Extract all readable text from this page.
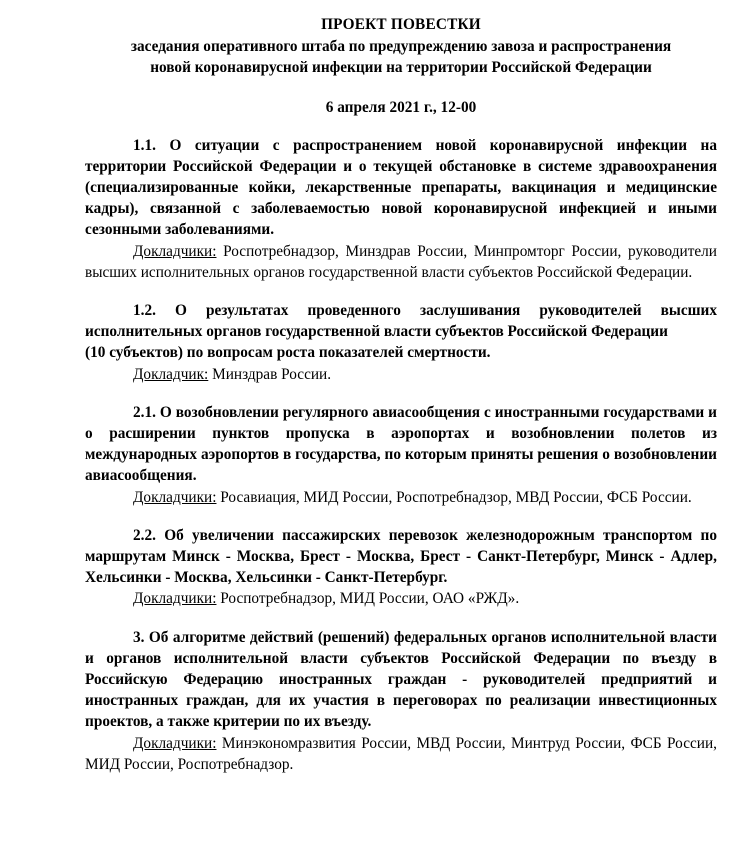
ПРОЕКТ ПОВЕСТКИ
заседания оперативного штаба по предупреждению завоза и распространения
новой коронавирусной инфекции на территории Российской Федерации
6 апреля 2021 г., 12-00

1.1. О ситуации с распространением новой коронавирусной инфекции на территории Российской Федерации и о текущей обстановке в системе здравоохранения (специализированные койки, лекарственные препараты, вакцинация и медицинские кадры), связанной с заболеваемостью новой коронавирусной инфекцией и иными сезонными заболеваниями.

Докладчики: Роспотребнадзор, Минздрав России, Минпромторг России, руководители высших исполнительных органов государственной власти субъектов Российской Федерации.

1.2. О результатах проведенного заслушивания руководителей высших исполнительных органов государственной власти субъектов Российской Федерации

(10 субъектов) по вопросам роста показателей смертности.

Докладчик: Минздрав России.

2.1. О возобновлении регулярного авиасообщения с иностранными государствами и о расширении пунктов пропуска в аэропортах и возобновлении полетов из международных аэропортов в государства, по которым приняты решения о возобновлении авиасообщения.

Докладчики: Росавиация, МИД России, Роспотребнадзор, МВД России, ФСБ России.

2.2. Об увеличении пассажирских перевозок железнодорожным транспортом по маршрутам Минск - Москва, Брест - Москва, Брест - Санкт-Петербург, Минск - Адлер, Хельсинки - Москва, Хельсинки - Санкт-Петербург.

Докладчики: Роспотребнадзор, МИД России, ОАО «РЖД».

3. Об алгоритме действий (решений) федеральных органов исполнительной власти и органов исполнительной власти субъектов Российской Федерации по въезду в Российскую Федерацию иностранных граждан - руководителей предприятий и иностранных граждан, для их участия в переговорах по реализации инвестиционных проектов, а также критерии по их въезду.

Докладчики: Минэкономразвития России, МВД России, Минтруд России, ФСБ России, МИД России, Роспотребнадзор.
